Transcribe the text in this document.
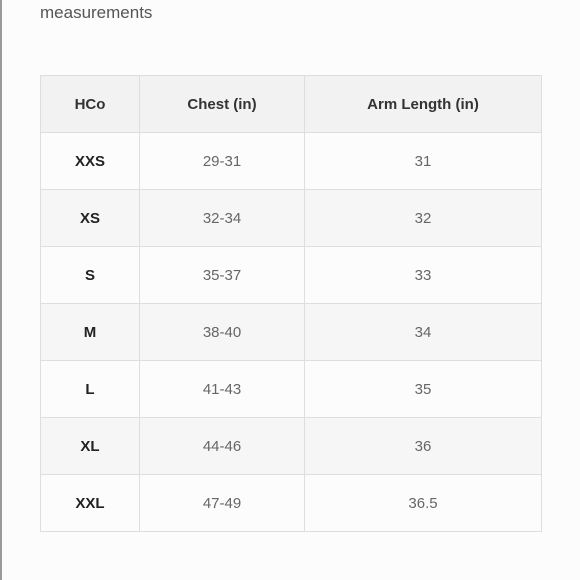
measurements

HCo	Chest (in)	Arm Length (in)
XXS	29-31	31
XS	32-34	32
S	35-37	33
M	38-40	34
L	41-43	35
XL	44-46	36
XXL	47-49	36.5
